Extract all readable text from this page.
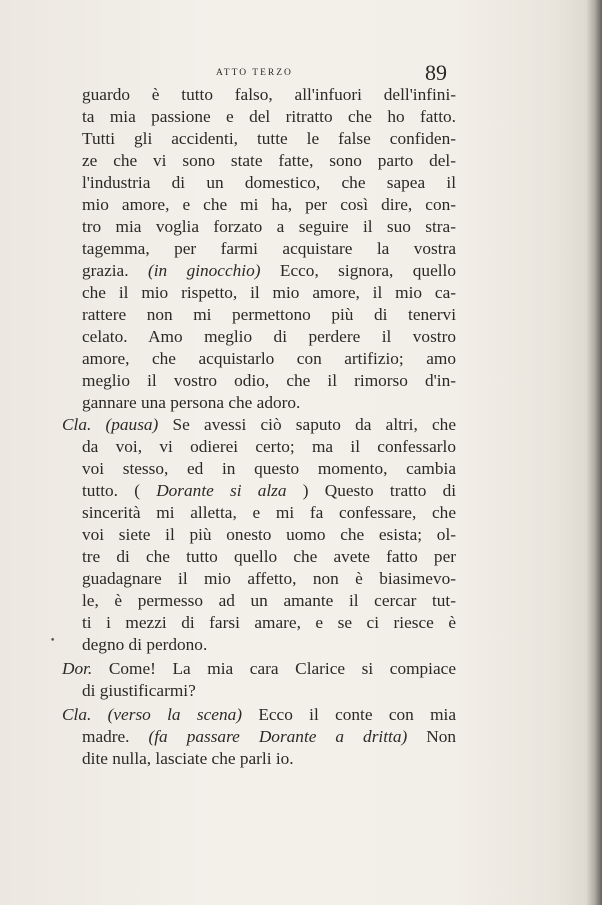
ATTO TERZO	89
guardo è tutto falso, all'infuori dell'infini-
ta mia passione e del ritratto che ho fatto.
Tutti gli accidenti, tutte le false confiden-
ze che vi sono state fatte, sono parto del-
l'industria di un domestico, che sapea il
mio amore, e che mi ha, per così dire, con-
tro mia voglia forzato a seguire il suo stra-
tagemma, per farmi acquistare la vostra
grazia. (in ginocchio) Ecco, signora, quello
che il mio rispetto, il mio amore, il mio ca-
rattere non mi permettono più di tenervi
celato. Amo meglio di perdere il vostro
amore, che acquistarlo con artifizio; amo
meglio il vostro odio, che il rimorso d'in-
gannare una persona che adoro.
Cla. (pausa) Se avessi ciò saputo da altri, che
da voi, vi odierei certo; ma il confessarlo
voi stesso, ed in questo momento, cambia
tutto. ( Dorante si alza ) Questo tratto di
sincerità mi alletta, e mi fa confessare, che
voi siete il più onesto uomo che esista; ol-
tre di che tutto quello che avete fatto per
guadagnare il mio affetto, non è biasimevo-
le, è permesso ad un amante il cercar tut-
ti i mezzi di farsi amare, e se ci riesce è
degno di perdono.
Dor. Come! La mia cara Clarice si compiace
di giustificarmi?
Cla. (verso la scena) Ecco il conte con mia
madre. (fa passare Dorante a dritta) Non
dite nulla, lasciate che parli io.
•
